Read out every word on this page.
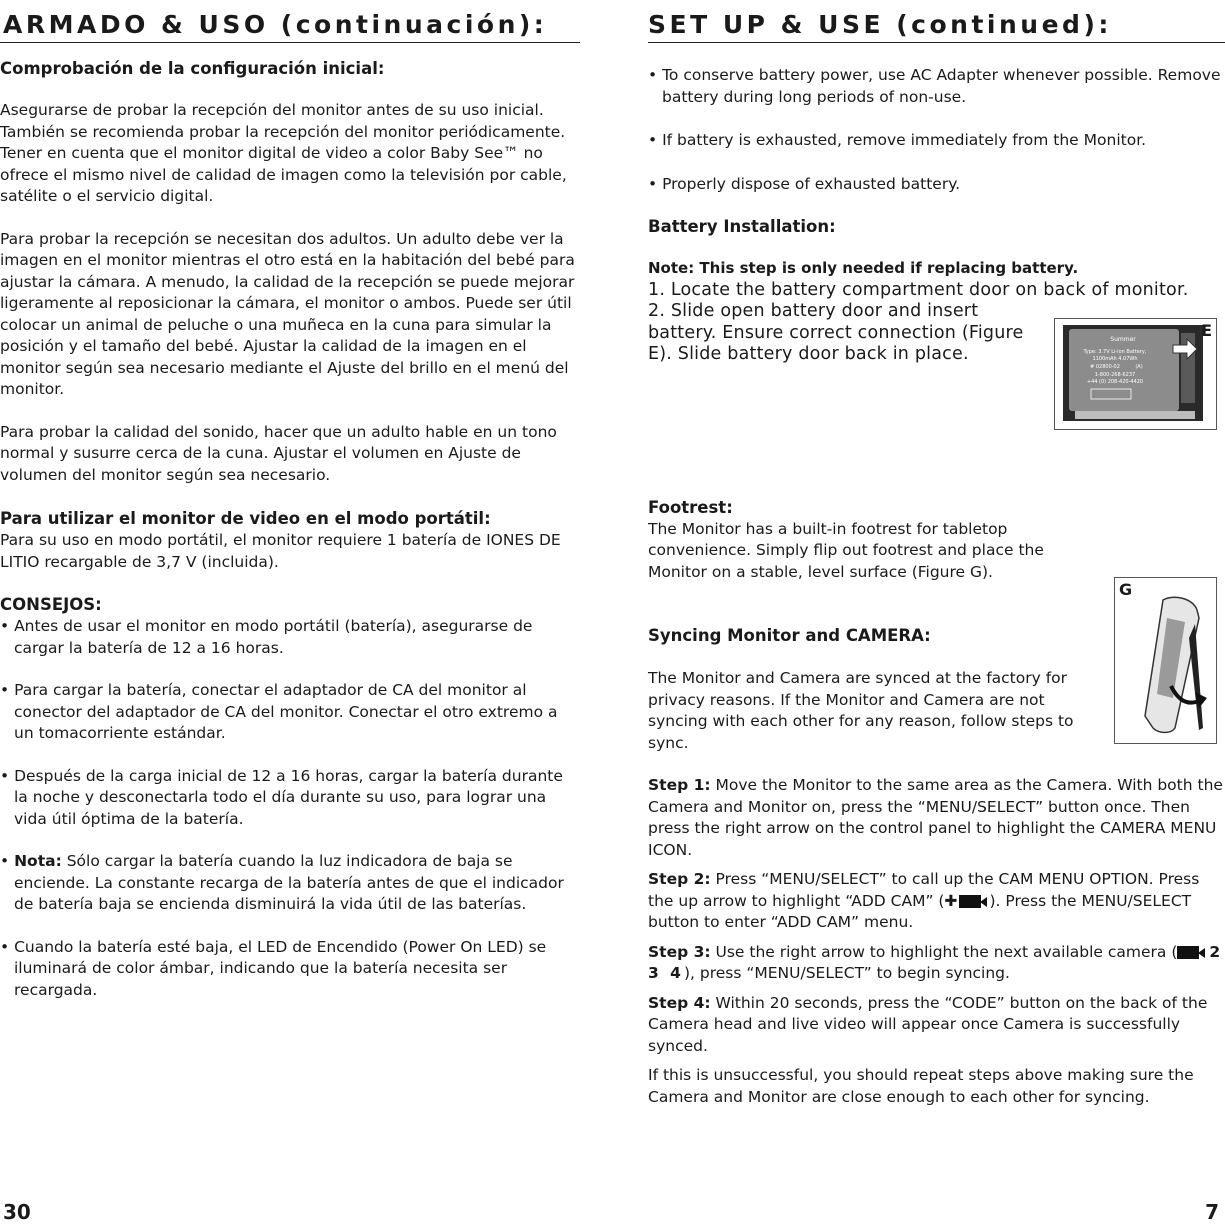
ARMADO & USO (continuación):

Comprobación de la configuración inicial:

Asegurarse de probar la recepción del monitor antes de su uso inicial. También se recomienda probar la recepción del monitor periódicamente. Tener en cuenta que el monitor digital de video a color Baby See™ no ofrece el mismo nivel de calidad de imagen como la televisión por cable, satélite o el servicio digital.

Para probar la recepción se necesitan dos adultos. Un adulto debe ver la imagen en el monitor mientras el otro está en la habitación del bebé para ajustar la cámara. A menudo, la calidad de la recepción se puede mejorar ligeramente al reposicionar la cámara, el monitor o ambos. Puede ser útil colocar un animal de peluche o una muñeca en la cuna para simular la posición y el tamaño del bebé. Ajustar la calidad de la imagen en el monitor según sea necesario mediante el Ajuste del brillo en el menú del monitor.

Para probar la calidad del sonido, hacer que un adulto hable en un tono normal y susurre cerca de la cuna. Ajustar el volumen en Ajuste de volumen del monitor según sea necesario.

Para utilizar el monitor de video en el modo portátil:

Para su uso en modo portátil, el monitor requiere 1 batería de IONES DE LITIO recargable de 3,7 V (incluida).

CONSEJOS:

• Antes de usar el monitor en modo portátil (batería), asegurarse de cargar la batería de 12 a 16 horas.

• Para cargar la batería, conectar el adaptador de CA del monitor al conector del adaptador de CA del monitor. Conectar el otro extremo a un tomacorriente estándar.

• Después de la carga inicial de 12 a 16 horas, cargar la batería durante la noche y desconectarla todo el día durante su uso, para lograr una vida útil óptima de la batería.

• Nota: Sólo cargar la batería cuando la luz indicadora de baja se enciende. La constante recarga de la batería antes de que el indicador de batería baja se encienda disminuirá la vida útil de las baterías.

• Cuando la batería esté baja, el LED de Encendido (Power On LED) se iluminará de color ámbar, indicando que la batería necesita ser recargada.

30
SET UP & USE (continued):

• To conserve battery power, use AC Adapter whenever possible. Remove battery during long periods of non-use.

• If battery is exhausted, remove immediately from the Monitor.

• Properly dispose of exhausted battery.

Battery Installation:

Note: This step is only needed if replacing battery.

1. Locate the battery compartment door on back of monitor.

2. Slide open battery door and insert battery. Ensure correct connection (Figure E). Slide battery door back in place.

Footrest:

The Monitor has a built-in footrest for tabletop convenience. Simply flip out footrest and place the Monitor on a stable, level surface (Figure G).

Syncing Monitor and CAMERA:

The Monitor and Camera are synced at the factory for privacy reasons. If the Monitor and Camera are not syncing with each other for any reason, follow steps to sync.

Step 1: Move the Monitor to the same area as the Camera. With both the Camera and Monitor on, press the “MENU/SELECT” button once. Then press the right arrow on the control panel to highlight the CAMERA MENU ICON.

Step 2: Press “MENU/SELECT” to call up the CAM MENU OPTION. Press the up arrow to highlight “ADD CAM” (✚ ). Press the MENU/SELECT button to enter “ADD CAM” menu.

Step 3: Use the right arrow to highlight the next available camera ( 2 3 4), press “MENU/SELECT” to begin syncing.

Step 4: Within 20 seconds, press the “CODE” button on the back of the Camera head and live video will appear once Camera is successfully synced.

If this is unsuccessful, you should repeat steps above making sure the Camera and Monitor are close enough to each other for syncing.

7
Summer
Type: 3.7V Li-ion Battery,
1100mAh 4.07Wh
# 02800-02	(A)
1-800-268-6237
+44 (0) 208-420-4420
E
G
